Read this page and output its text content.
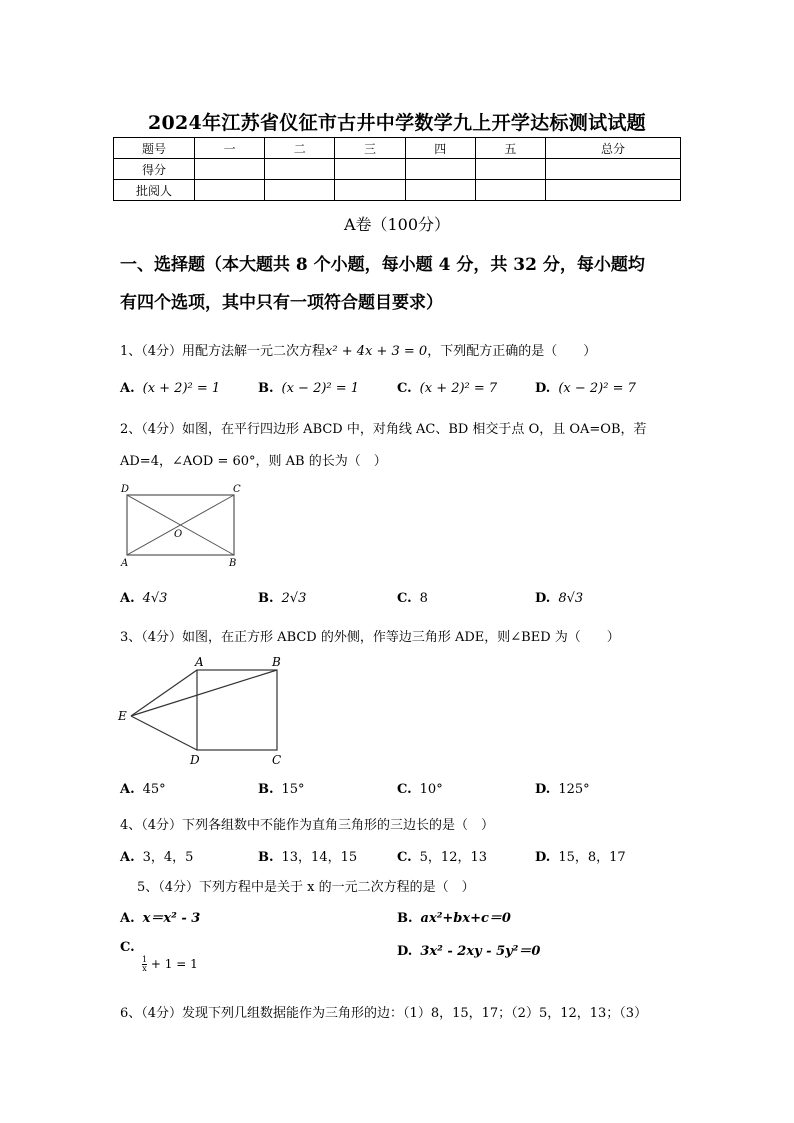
2024年江苏省仪征市古井中学数学九上开学达标测试试题
题号	一	二	三	四	五	总分
得分						
批阅人						
A卷（100分）
一、选择题（本大题共 8 个小题，每小题 4 分，共 32 分，每小题均
有四个选项，其中只有一项符合题目要求）
1、（4分）用配方法解一元二次方程x² + 4x + 3 = 0，下列配方正确的是（　　）
A. (x + 2)² = 1	B. (x − 2)² = 1	C. (x + 2)² = 7	D. (x − 2)² = 7
2、（4分）如图，在平行四边形 ABCD 中，对角线 AC、BD 相交于点 O，且 OA=OB，若
AD=4，∠AOD = 60°，则 AB 的长为（　）
D	C
A	B
O
A. 4√3	B. 2√3	C. 8	D. 8√3
3、（4分）如图，在正方形 ABCD 的外侧，作等边三角形 ADE，则∠BED 为（　　）
A	B
E
D	C
A. 45°	B. 15°	C. 10°	D. 125°
4、（4分）下列各组数中不能作为直角三角形的三边长的是（　）
A. 3，4，5	B. 13，14，15	C. 5，12，13	D. 15，8，17
5、（4分）下列方程中是关于 x 的一元二次方程的是（　）
A. x＝x² - 3	B. ax²+bx+c＝0
C.
$\frac{1}{x} + 1 = 1$
D. 3x² - 2xy - 5y²＝0
6、（4分）发现下列几组数据能作为三角形的边：（1）8，15，17；（2）5，12，13；（3）
